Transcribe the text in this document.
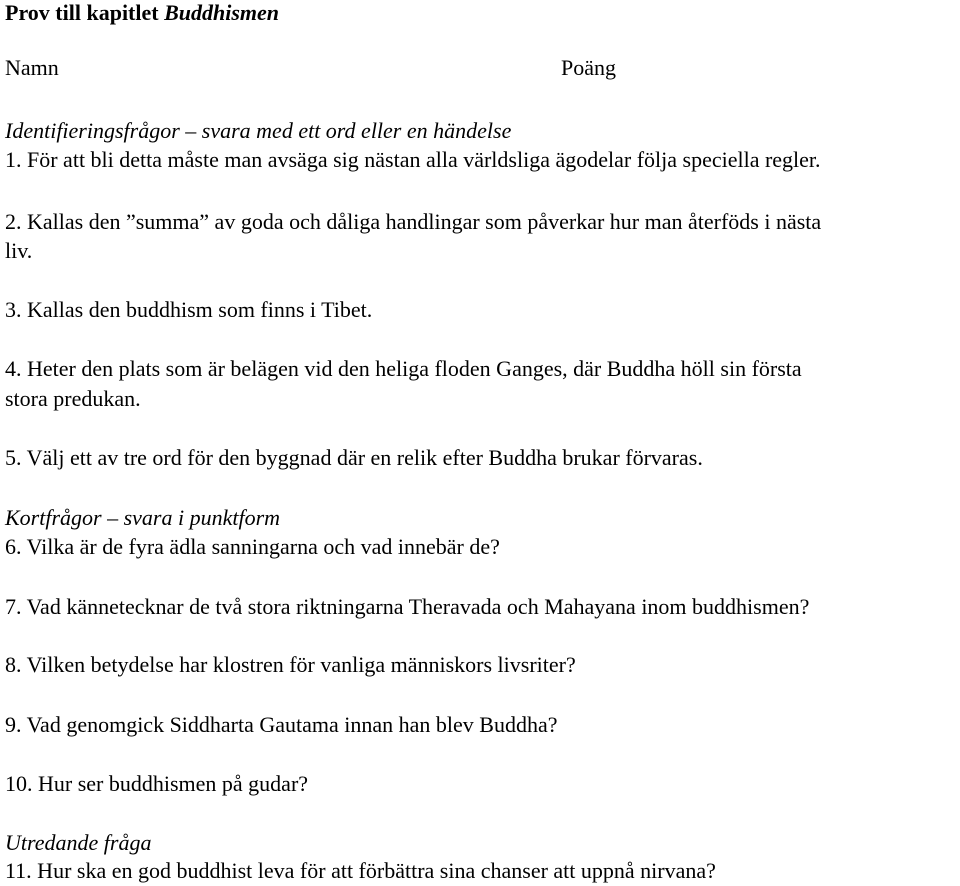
Prov till kapitlet Buddhismen
Namn	Poäng
Identifieringsfrågor – svara med ett ord eller en händelse
1. För att bli detta måste man avsäga sig nästan alla världsliga ägodelar följa speciella regler.
2. Kallas den ”summa” av goda och dåliga handlingar som påverkar hur man återföds i nästa
liv.
3. Kallas den buddhism som finns i Tibet.
4. Heter den plats som är belägen vid den heliga floden Ganges, där Buddha höll sin första
stora predukan.
5. Välj ett av tre ord för den byggnad där en relik efter Buddha brukar förvaras.
Kortfrågor – svara i punktform
6. Vilka är de fyra ädla sanningarna och vad innebär de?
7. Vad kännetecknar de två stora riktningarna Theravada och Mahayana inom buddhismen?
8. Vilken betydelse har klostren för vanliga människors livsriter?
9. Vad genomgick Siddharta Gautama innan han blev Buddha?
10. Hur ser buddhismen på gudar?
Utredande fråga
11. Hur ska en god buddhist leva för att förbättra sina chanser att uppnå nirvana?
